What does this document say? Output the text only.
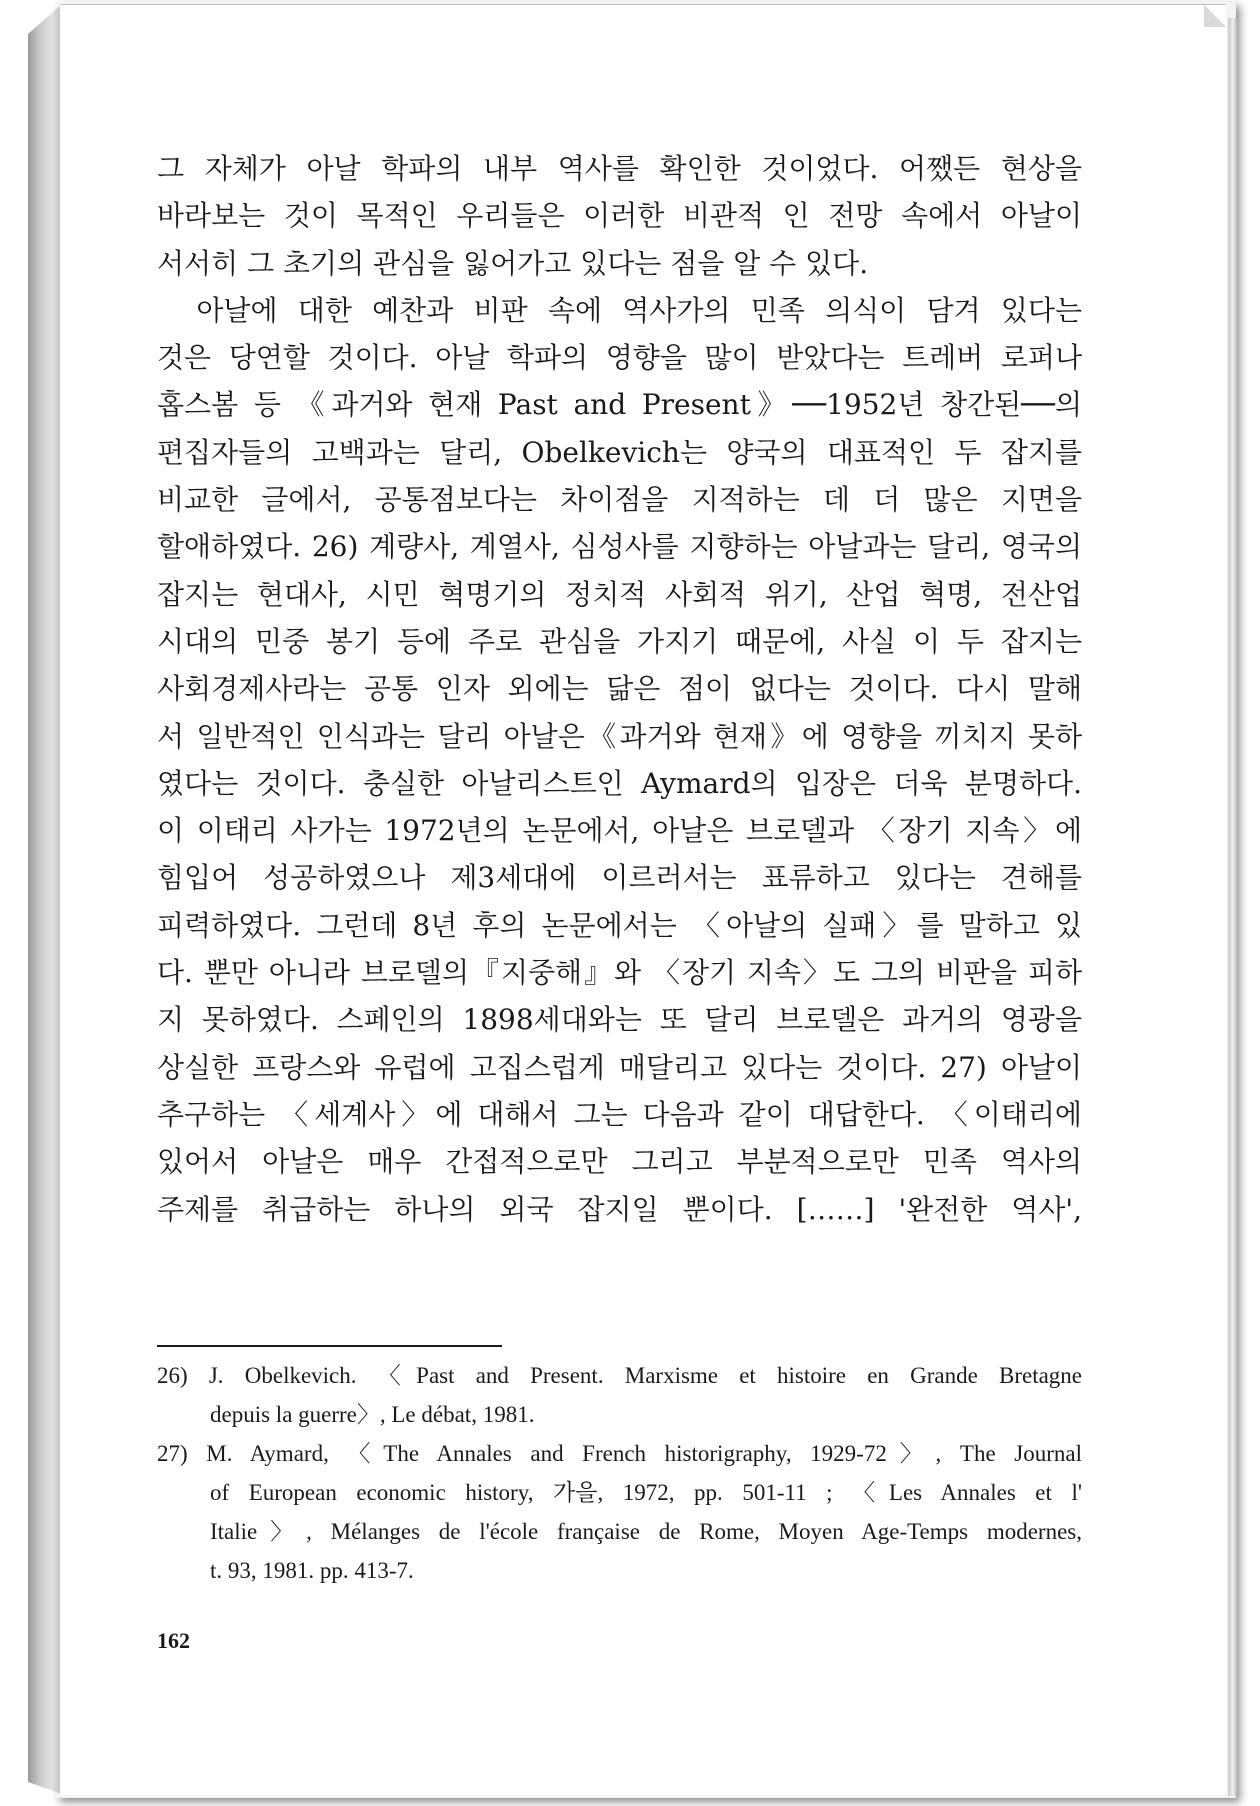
그 자체가 아날 학파의 내부 역사를 확인한 것이었다. 어쨌든 현상을
바라보는 것이 목적인 우리들은 이러한 비관적 인 전망 속에서 아날이
서서히 그 초기의 관심을 잃어가고 있다는 점을 알 수 있다.
　아날에 대한 예찬과 비판 속에 역사가의 민족 의식이 담겨 있다는
것은 당연할 것이다. 아날 학파의 영향을 많이 받았다는 트레버 로퍼나
홉스봄 등 《과거와 현재 Past and Present》──1952년 창간된──의
편집자들의 고백과는 달리, Obelkevich는 양국의 대표적인 두 잡지를
비교한 글에서, 공통점보다는 차이점을 지적하는 데 더 많은 지면을
할애하였다. 26) 계량사, 계열사, 심성사를 지향하는 아날과는 달리, 영국의
잡지는 현대사, 시민 혁명기의 정치적 사회적 위기, 산업 혁명, 전산업
시대의 민중 봉기 등에 주로 관심을 가지기 때문에, 사실 이 두 잡지는
사회경제사라는 공통 인자 외에는 닮은 점이 없다는 것이다. 다시 말해
서 일반적인 인식과는 달리 아날은《과거와 현재》에 영향을 끼치지 못하
였다는 것이다. 충실한 아날리스트인 Aymard의 입장은 더욱 분명하다.
이 이태리 사가는 1972년의 논문에서, 아날은 브로델과 〈장기 지속〉에
힘입어 성공하였으나 제3세대에 이르러서는 표류하고 있다는 견해를
피력하였다. 그런데 8년 후의 논문에서는 〈아날의 실패〉를 말하고 있
다. 뿐만 아니라 브로델의『지중해』와 〈장기 지속〉도 그의 비판을 피하
지 못하였다. 스페인의 1898세대와는 또 달리 브로델은 과거의 영광을
상실한 프랑스와 유럽에 고집스럽게 매달리고 있다는 것이다. 27) 아날이
추구하는 〈세계사〉에 대해서 그는 다음과 같이 대답한다. 〈이태리에
있어서 아날은 매우 간접적으로만 그리고 부분적으로만 민족 역사의
주제를 취급하는 하나의 외국 잡지일 뿐이다. [……] '완전한 역사',
26) J. Obelkevich. 〈Past and Present. Marxisme et histoire en Grande Bretagne
depuis la guerre〉, Le débat, 1981.
27) M. Aymard, 〈The Annales and French historigraphy, 1929-72〉, The Journal
of European economic history, 가을, 1972, pp. 501-11 ; 〈Les Annales et l'
Italie〉, Mélanges de l'école française de Rome, Moyen Age-Temps modernes,
t. 93, 1981. pp. 413-7.
162
